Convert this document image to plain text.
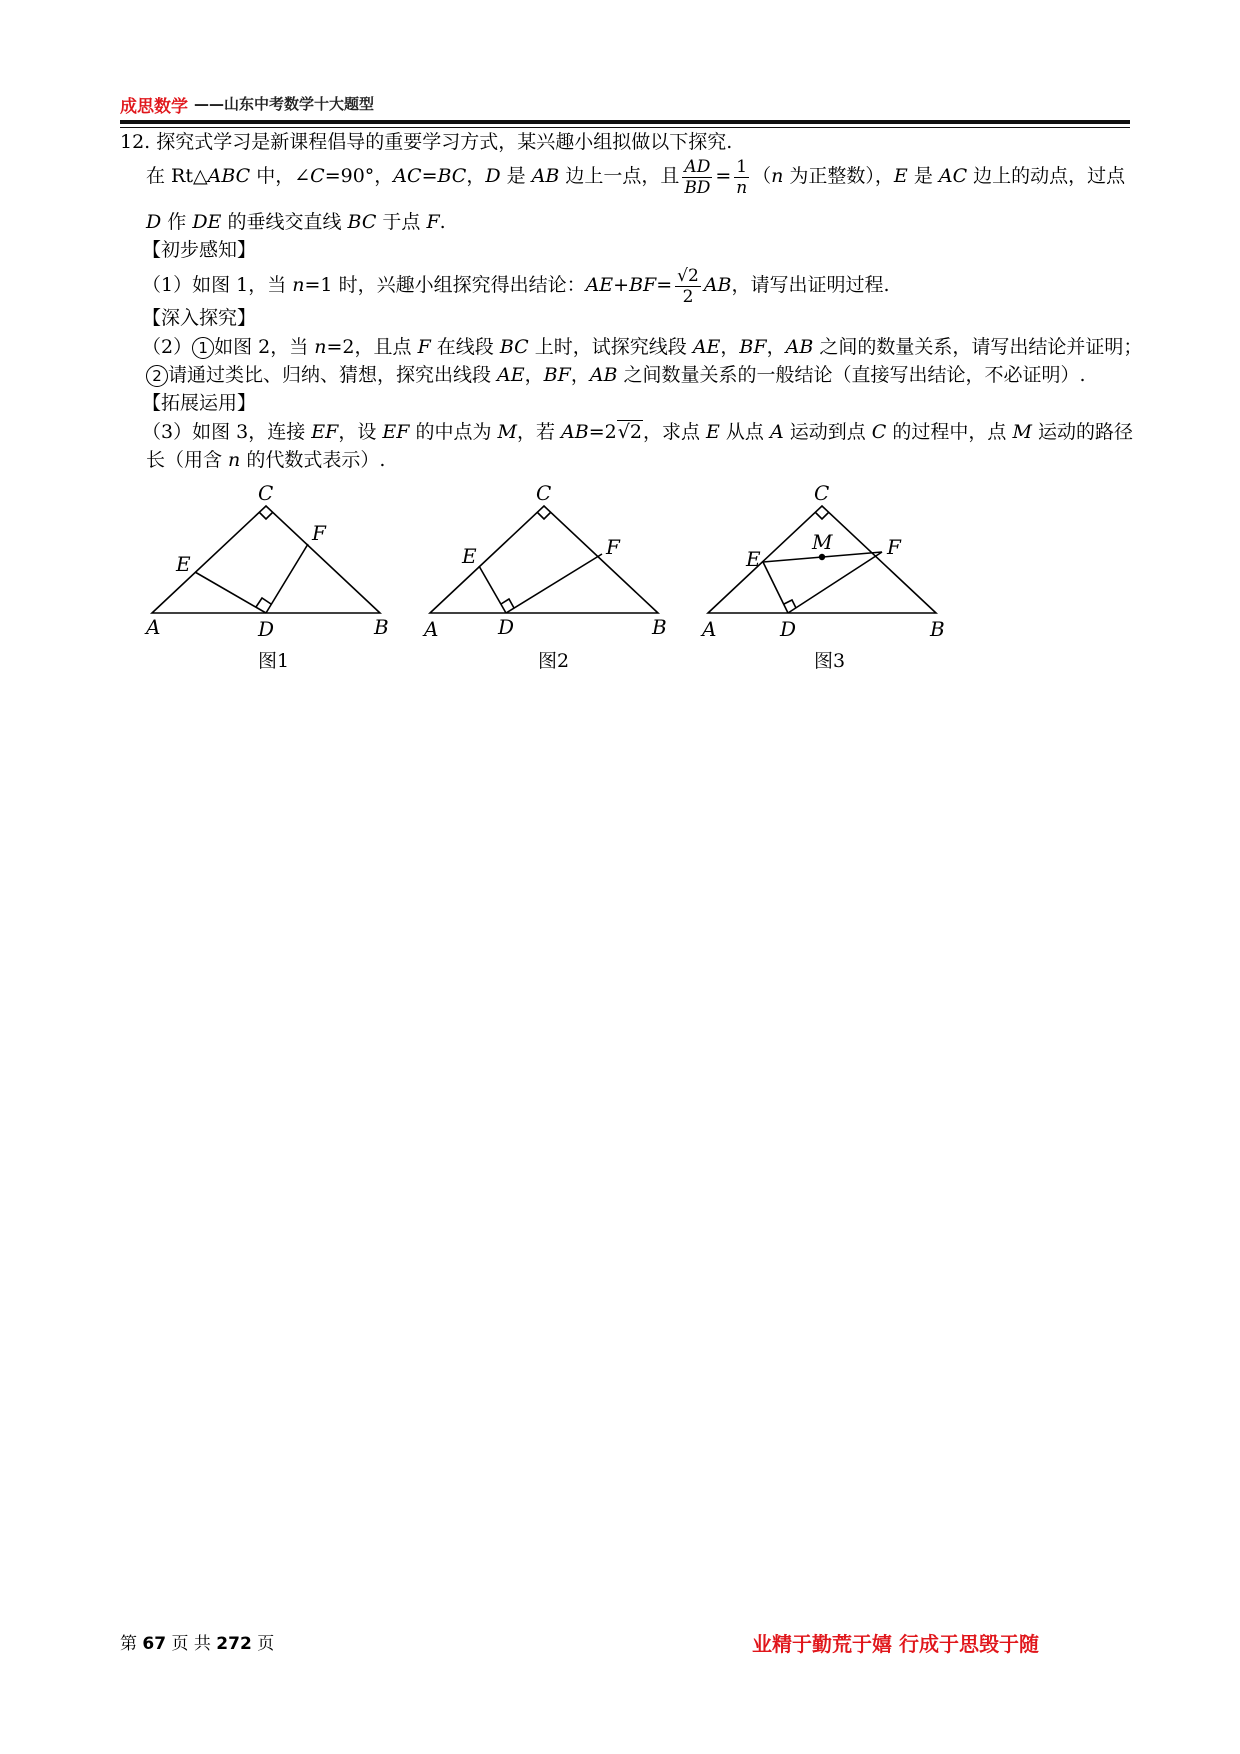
成思数学 ——山东中考数学十大题型
12. 探究式学习是新课程倡导的重要学习方式，某兴趣小组拟做以下探究.
在 Rt△ABC 中，∠C=90°，AC=BC，D 是 AB 边上一点，且 $\frac{AD}{BD} = \frac{1}{n} (n$ 为正整数），E 是 AC 边上的动点，过点
D 作 DE 的垂线交直线 BC 于点 F.
【初步感知】
（1）如图 1，当 n=1 时，兴趣小组探究得出结论：$AE+BF= \frac{√2}{2}$ AB，请写出证明过程.
【深入探究】
（2） 1 如图 2，当 n=2，且点 F 在线段 BC 上时，试探究线段 AE，BF，AB 之间的数量关系，请写出结论并证明；
2 请通过类比、归纳、猜想，探究出线段 AE，BF，AB 之间数量关系的一般结论（直接写出结论，不必证明）.
【拓展运用】
（3）如图 3，连接 EF，设 EF 的中点为 M，若 AB=2√2，求点 E 从点 A 运动到点 C 的过程中，点 M 运动的路径
长（用含 n 的代数式表示）.
A	B
C
D
E
F
A	B
C
D
E	F
A	B
C
D
E	F
M
图1	图2	图3
第 67 页 共 272 页	业精于勤荒于嬉 行成于思毁于随
